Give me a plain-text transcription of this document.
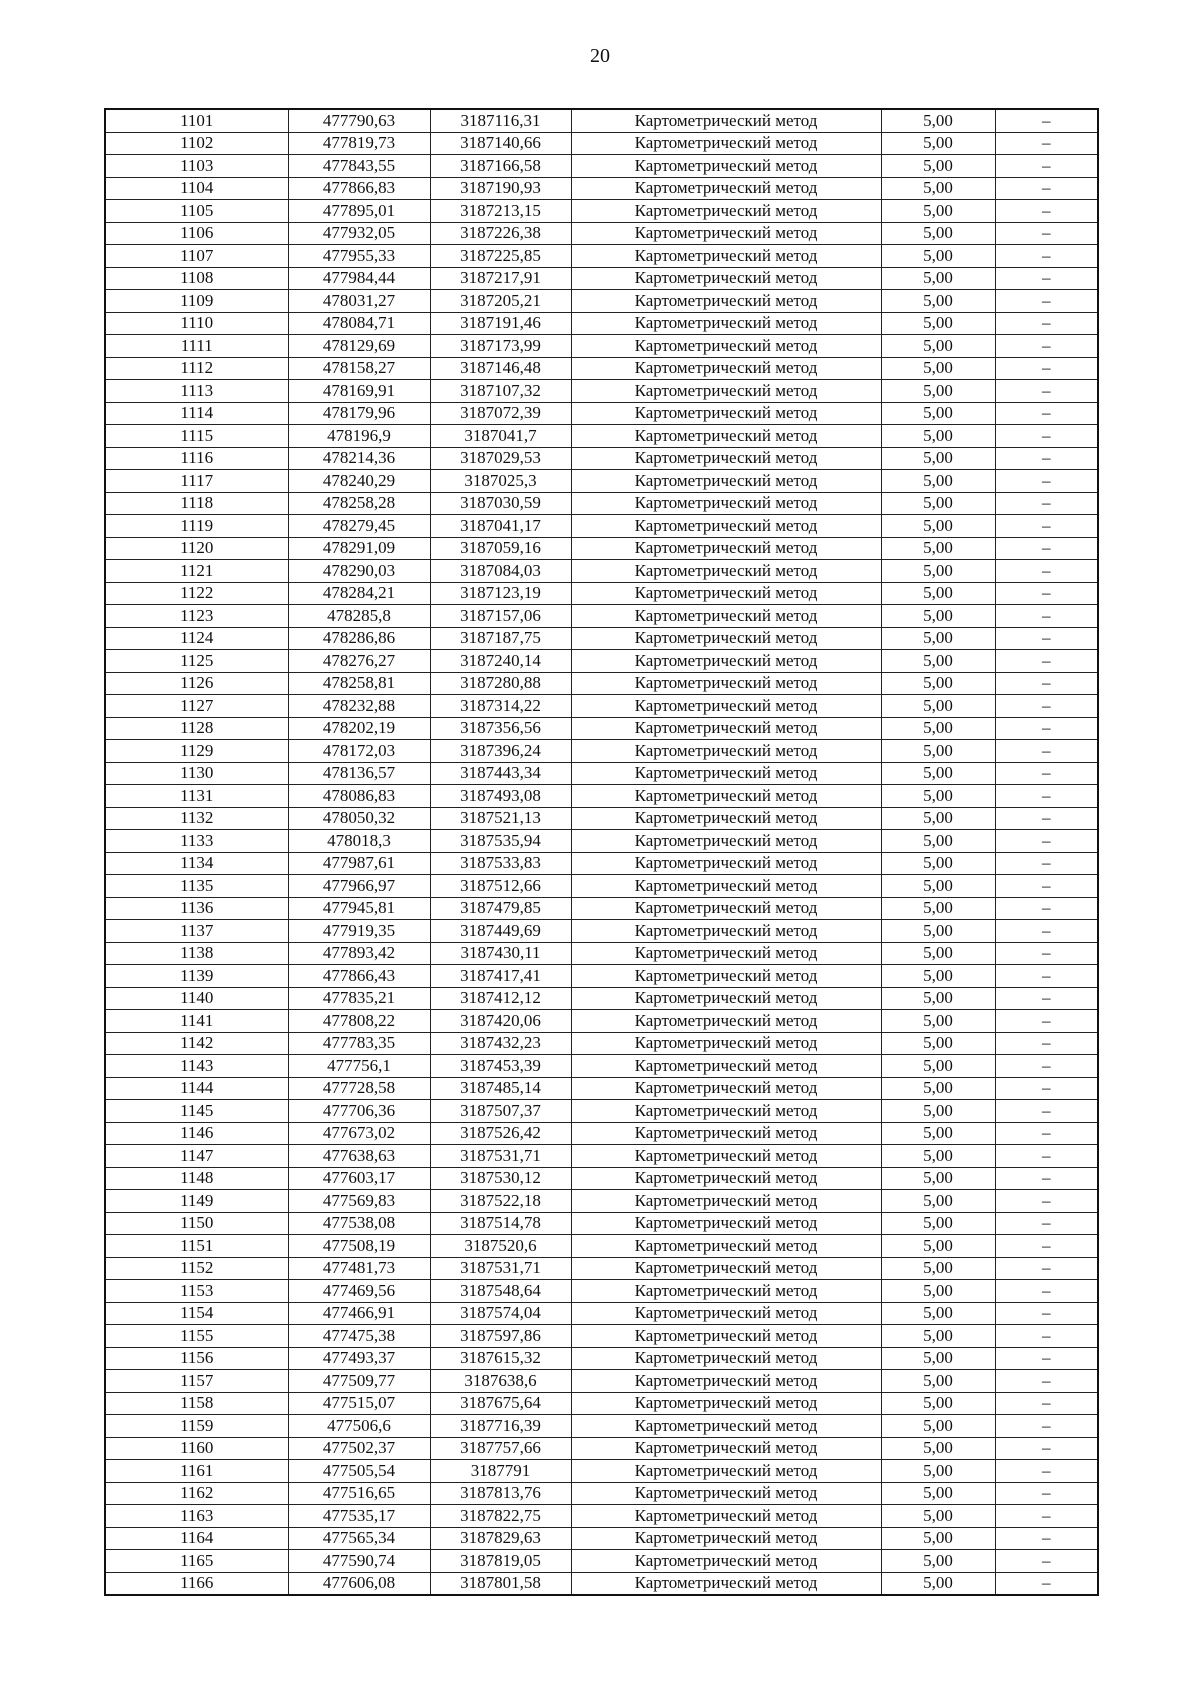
20
1101	477790,63	3187116,31	Картометрический метод	5,00	–
1102	477819,73	3187140,66	Картометрический метод	5,00	–
1103	477843,55	3187166,58	Картометрический метод	5,00	–
1104	477866,83	3187190,93	Картометрический метод	5,00	–
1105	477895,01	3187213,15	Картометрический метод	5,00	–
1106	477932,05	3187226,38	Картометрический метод	5,00	–
1107	477955,33	3187225,85	Картометрический метод	5,00	–
1108	477984,44	3187217,91	Картометрический метод	5,00	–
1109	478031,27	3187205,21	Картометрический метод	5,00	–
1110	478084,71	3187191,46	Картометрический метод	5,00	–
1111	478129,69	3187173,99	Картометрический метод	5,00	–
1112	478158,27	3187146,48	Картометрический метод	5,00	–
1113	478169,91	3187107,32	Картометрический метод	5,00	–
1114	478179,96	3187072,39	Картометрический метод	5,00	–
1115	478196,9	3187041,7	Картометрический метод	5,00	–
1116	478214,36	3187029,53	Картометрический метод	5,00	–
1117	478240,29	3187025,3	Картометрический метод	5,00	–
1118	478258,28	3187030,59	Картометрический метод	5,00	–
1119	478279,45	3187041,17	Картометрический метод	5,00	–
1120	478291,09	3187059,16	Картометрический метод	5,00	–
1121	478290,03	3187084,03	Картометрический метод	5,00	–
1122	478284,21	3187123,19	Картометрический метод	5,00	–
1123	478285,8	3187157,06	Картометрический метод	5,00	–
1124	478286,86	3187187,75	Картометрический метод	5,00	–
1125	478276,27	3187240,14	Картометрический метод	5,00	–
1126	478258,81	3187280,88	Картометрический метод	5,00	–
1127	478232,88	3187314,22	Картометрический метод	5,00	–
1128	478202,19	3187356,56	Картометрический метод	5,00	–
1129	478172,03	3187396,24	Картометрический метод	5,00	–
1130	478136,57	3187443,34	Картометрический метод	5,00	–
1131	478086,83	3187493,08	Картометрический метод	5,00	–
1132	478050,32	3187521,13	Картометрический метод	5,00	–
1133	478018,3	3187535,94	Картометрический метод	5,00	–
1134	477987,61	3187533,83	Картометрический метод	5,00	–
1135	477966,97	3187512,66	Картометрический метод	5,00	–
1136	477945,81	3187479,85	Картометрический метод	5,00	–
1137	477919,35	3187449,69	Картометрический метод	5,00	–
1138	477893,42	3187430,11	Картометрический метод	5,00	–
1139	477866,43	3187417,41	Картометрический метод	5,00	–
1140	477835,21	3187412,12	Картометрический метод	5,00	–
1141	477808,22	3187420,06	Картометрический метод	5,00	–
1142	477783,35	3187432,23	Картометрический метод	5,00	–
1143	477756,1	3187453,39	Картометрический метод	5,00	–
1144	477728,58	3187485,14	Картометрический метод	5,00	–
1145	477706,36	3187507,37	Картометрический метод	5,00	–
1146	477673,02	3187526,42	Картометрический метод	5,00	–
1147	477638,63	3187531,71	Картометрический метод	5,00	–
1148	477603,17	3187530,12	Картометрический метод	5,00	–
1149	477569,83	3187522,18	Картометрический метод	5,00	–
1150	477538,08	3187514,78	Картометрический метод	5,00	–
1151	477508,19	3187520,6	Картометрический метод	5,00	–
1152	477481,73	3187531,71	Картометрический метод	5,00	–
1153	477469,56	3187548,64	Картометрический метод	5,00	–
1154	477466,91	3187574,04	Картометрический метод	5,00	–
1155	477475,38	3187597,86	Картометрический метод	5,00	–
1156	477493,37	3187615,32	Картометрический метод	5,00	–
1157	477509,77	3187638,6	Картометрический метод	5,00	–
1158	477515,07	3187675,64	Картометрический метод	5,00	–
1159	477506,6	3187716,39	Картометрический метод	5,00	–
1160	477502,37	3187757,66	Картометрический метод	5,00	–
1161	477505,54	3187791	Картометрический метод	5,00	–
1162	477516,65	3187813,76	Картометрический метод	5,00	–
1163	477535,17	3187822,75	Картометрический метод	5,00	–
1164	477565,34	3187829,63	Картометрический метод	5,00	–
1165	477590,74	3187819,05	Картометрический метод	5,00	–
1166	477606,08	3187801,58	Картометрический метод	5,00	–
